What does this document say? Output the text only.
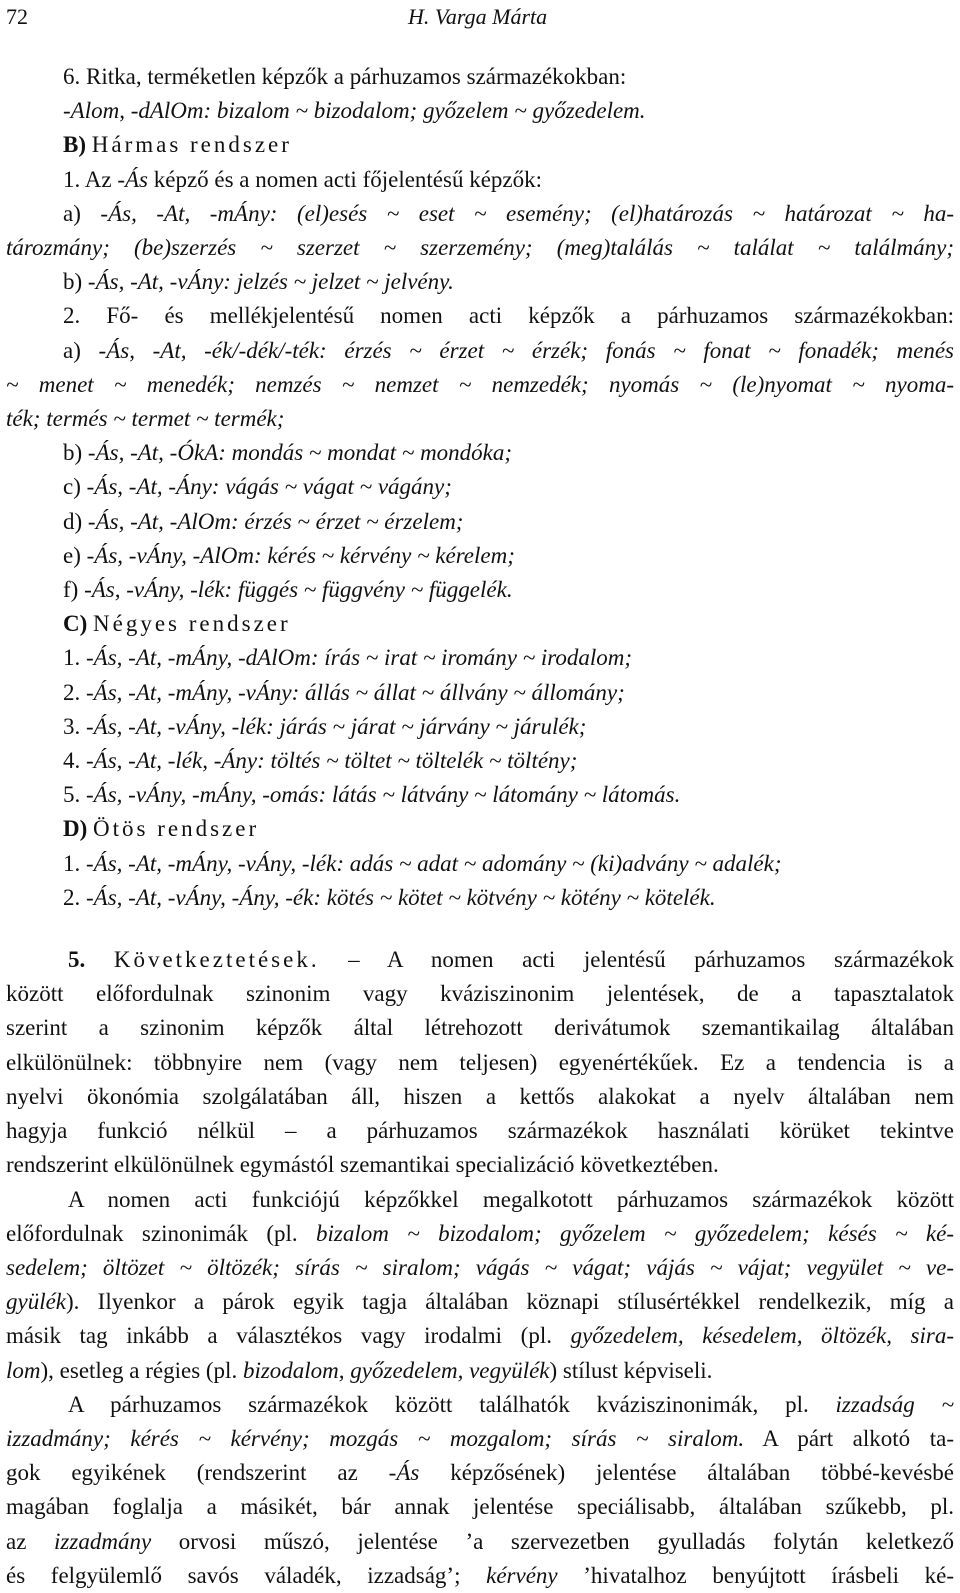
72	H. Varga Márta
6. Ritka, terméketlen képzők a párhuzamos származékokban:
-Alom, -dAlOm: bizalom ~ bizodalom; győzelem ~ győzedelem.
B) Hármas rendszer
1. Az -Ás képző és a nomen acti főjelentésű képzők:
a) -Ás, -At, -mÁny: (el)esés ~ eset ~ esemény; (el)határozás ~ határozat ~ ha-
tározmány; (be)szerzés ~ szerzet ~ szerzemény; (meg)találás ~ találat ~ találmány;
b) -Ás, -At, -vÁny: jelzés ~ jelzet ~ jelvény.
2. Fő- és mellékjelentésű nomen acti képzők a párhuzamos származékokban:
a) -Ás, -At, -ék/-dék/-ték: érzés ~ érzet ~ érzék; fonás ~ fonat ~ fonadék; menés
~ menet ~ menedék; nemzés ~ nemzet ~ nemzedék; nyomás ~ (le)nyomat ~ nyoma-
ték; termés ~ termet ~ termék;
b) -Ás, -At, -ÓkA: mondás ~ mondat ~ mondóka;
c) -Ás, -At, -Ány: vágás ~ vágat ~ vágány;
d) -Ás, -At, -AlOm: érzés ~ érzet ~ érzelem;
e) -Ás, -vÁny, -AlOm: kérés ~ kérvény ~ kérelem;
f) -Ás, -vÁny, -lék: függés ~ függvény ~ függelék.
C) Négyes rendszer
1. -Ás, -At, -mÁny, -dAlOm: írás ~ irat ~ iromány ~ irodalom;
2. -Ás, -At, -mÁny, -vÁny: állás ~ állat ~ állvány ~ állomány;
3. -Ás, -At, -vÁny, -lék: járás ~ járat ~ járvány ~ járulék;
4. -Ás, -At, -lék, -Ány: töltés ~ töltet ~ töltelék ~ töltény;
5. -Ás, -vÁny, -mÁny, -omás: látás ~ látvány ~ látomány ~ látomás.
D) Ötös rendszer
1. -Ás, -At, -mÁny, -vÁny, -lék: adás ~ adat ~ adomány ~ (ki)advány ~ adalék;
2. -Ás, -At, -vÁny, -Ány, -ék: kötés ~ kötet ~ kötvény ~ kötény ~ kötelék.
5. Következtetések. – A nomen acti jelentésű párhuzamos származékok
között előfordulnak szinonim vagy kváziszinonim jelentések, de a tapasztalatok
szerint a szinonim képzők által létrehozott derivátumok szemantikailag általában
elkülönülnek: többnyire nem (vagy nem teljesen) egyenértékűek. Ez a tendencia is a
nyelvi ökonómia szolgálatában áll, hiszen a kettős alakokat a nyelv általában nem
hagyja funkció nélkül – a párhuzamos származékok használati körüket tekintve
rendszerint elkülönülnek egymástól szemantikai specializáció következtében.
A nomen acti funkciójú képzőkkel megalkotott párhuzamos származékok között
előfordulnak szinonimák (pl. bizalom ~ bizodalom; győzelem ~ győzedelem; késés ~ ké-
sedelem; öltözet ~ öltözék; sírás ~ siralom; vágás ~ vágat; vájás ~ vájat; vegyület ~ ve-
gyülék). Ilyenkor a párok egyik tagja általában köznapi stílusértékkel rendelkezik, míg a
másik tag inkább a választékos vagy irodalmi (pl. győzedelem, késedelem, öltözék, sira-
lom), esetleg a régies (pl. bizodalom, győzedelem, vegyülék) stílust képviseli.
A párhuzamos származékok között találhatók kváziszinonimák, pl. izzadság ~
izzadmány; kérés ~ kérvény; mozgás ~ mozgalom; sírás ~ siralom. A párt alkotó ta-
gok egyikének (rendszerint az -Ás képzősének) jelentése általában többé-kevésbé
magában foglalja a másikét, bár annak jelentése speciálisabb, általában szűkebb, pl.
az izzadmány orvosi műszó, jelentése ’a szervezetben gyulladás folytán keletkező
és felgyülemlő savós váladék, izzadság’; kérvény ’hivatalhoz benyújtott írásbeli ké-
